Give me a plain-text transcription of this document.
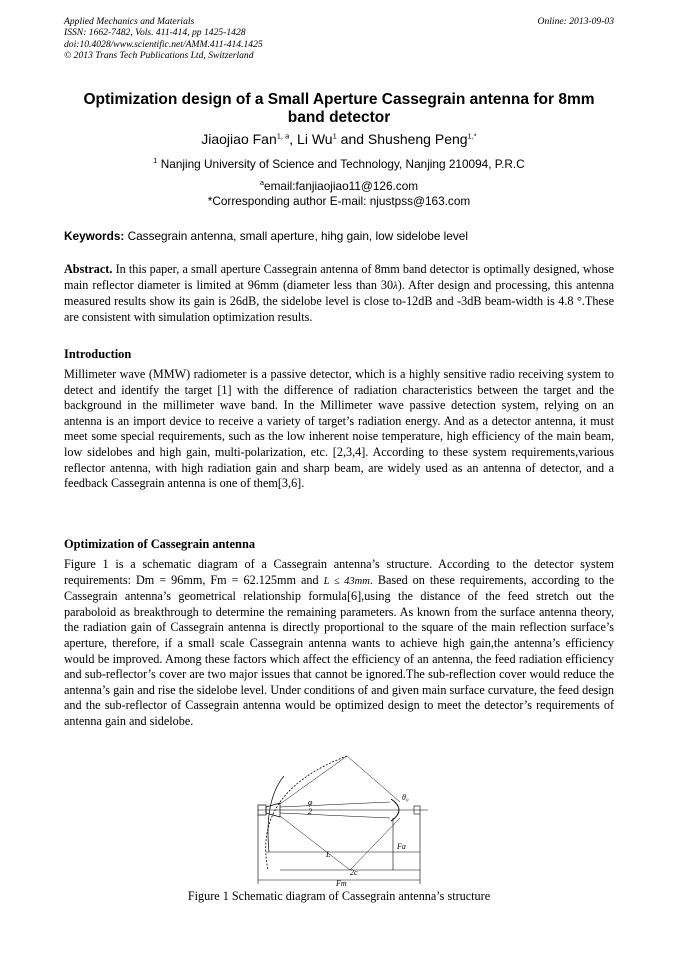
Applied Mechanics and Materials
ISSN: 1662-7482, Vols. 411-414, pp 1425-1428
doi:10.4028/www.scientific.net/AMM.411-414.1425
© 2013 Trans Tech Publications Ltd, Switzerland
Online: 2013-09-03
Optimization design of a Small Aperture Cassegrain antenna for 8mm band detector
Jiaojiao Fan$^{1, a}$, Li Wu$^1$ and Shusheng Peng$^{1,*}$
$^1$ Nanjing University of Science and Technology, Nanjing 210094, P.R.C
$^a$email:fanjiaojiao11@126.com
*Corresponding author E-mail: njustpss@163.com
Keywords: Cassegrain antenna, small aperture, hihg gain, low sidelobe level
Abstract. In this paper, a small aperture Cassegrain antenna of 8mm band detector is optimally designed, whose main reflector diameter is limited at 96mm (diameter less than 30λ). After design and processing, this antenna measured results show its gain is 26dB, the sidelobe level is close to-12dB and -3dB beam-width is 4.8 °.These are consistent with simulation optimization results.
Introduction
Millimeter wave (MMW) radiometer is a passive detector, which is a highly sensitive radio receiving system to detect and identify the target [1] with the difference of radiation characteristics between the target and the background in the millimeter wave band. In the Millimeter wave passive detection system, relying on an antenna is an import device to receive a variety of target’s radiation energy. And as a detector antenna, it must meet some special requirements, such as the low inherent noise temperature, high efficiency of the main beam, low sidelobes and high gain, multi-polarization, etc. [2,3,4]. According to these system requirements,various reflector antenna, with high radiation gain and sharp beam, are widely used as an antenna of detector, and a feedback Cassegrain antenna is one of them[3,6].
Optimization of Cassegrain antenna
Figure 1 is a schematic diagram of a Cassegrain antenna’s structure. According to the detector system requirements: Dm = 96mm, Fm = 62.125mm and L ≤ 43mm. Based on these requirements, according to the Cassegrain antenna’s geometrical relationship formula[6],using the distance of the feed stretch out the paraboloid as breakthrough to determine the remaining parameters. As known from the surface antenna theory, the radiation gain of Cassegrain antenna is directly proportional to the square of the main reflection surface’s aperture, therefore, if a small scale Cassegrain antenna wants to achieve high gain,the antenna’s efficiency would be improved. Among these factors which affect the efficiency of an antenna, the feed radiation efficiency and sub-reflector’s cover are two major issues that cannot be ignored.The sub-reflection cover would reduce the antenna’s gain and rise the sidelobe level. Under conditions of and given main surface curvature, the feed design and the sub-reflector of Cassegrain antenna would be optimized design to meet the detector’s requirements of antenna gain and sidelobe.
φ
2
θ₀
Fa
L
2c
Fm
Figure 1 Schematic diagram of Cassegrain antenna’s structure
